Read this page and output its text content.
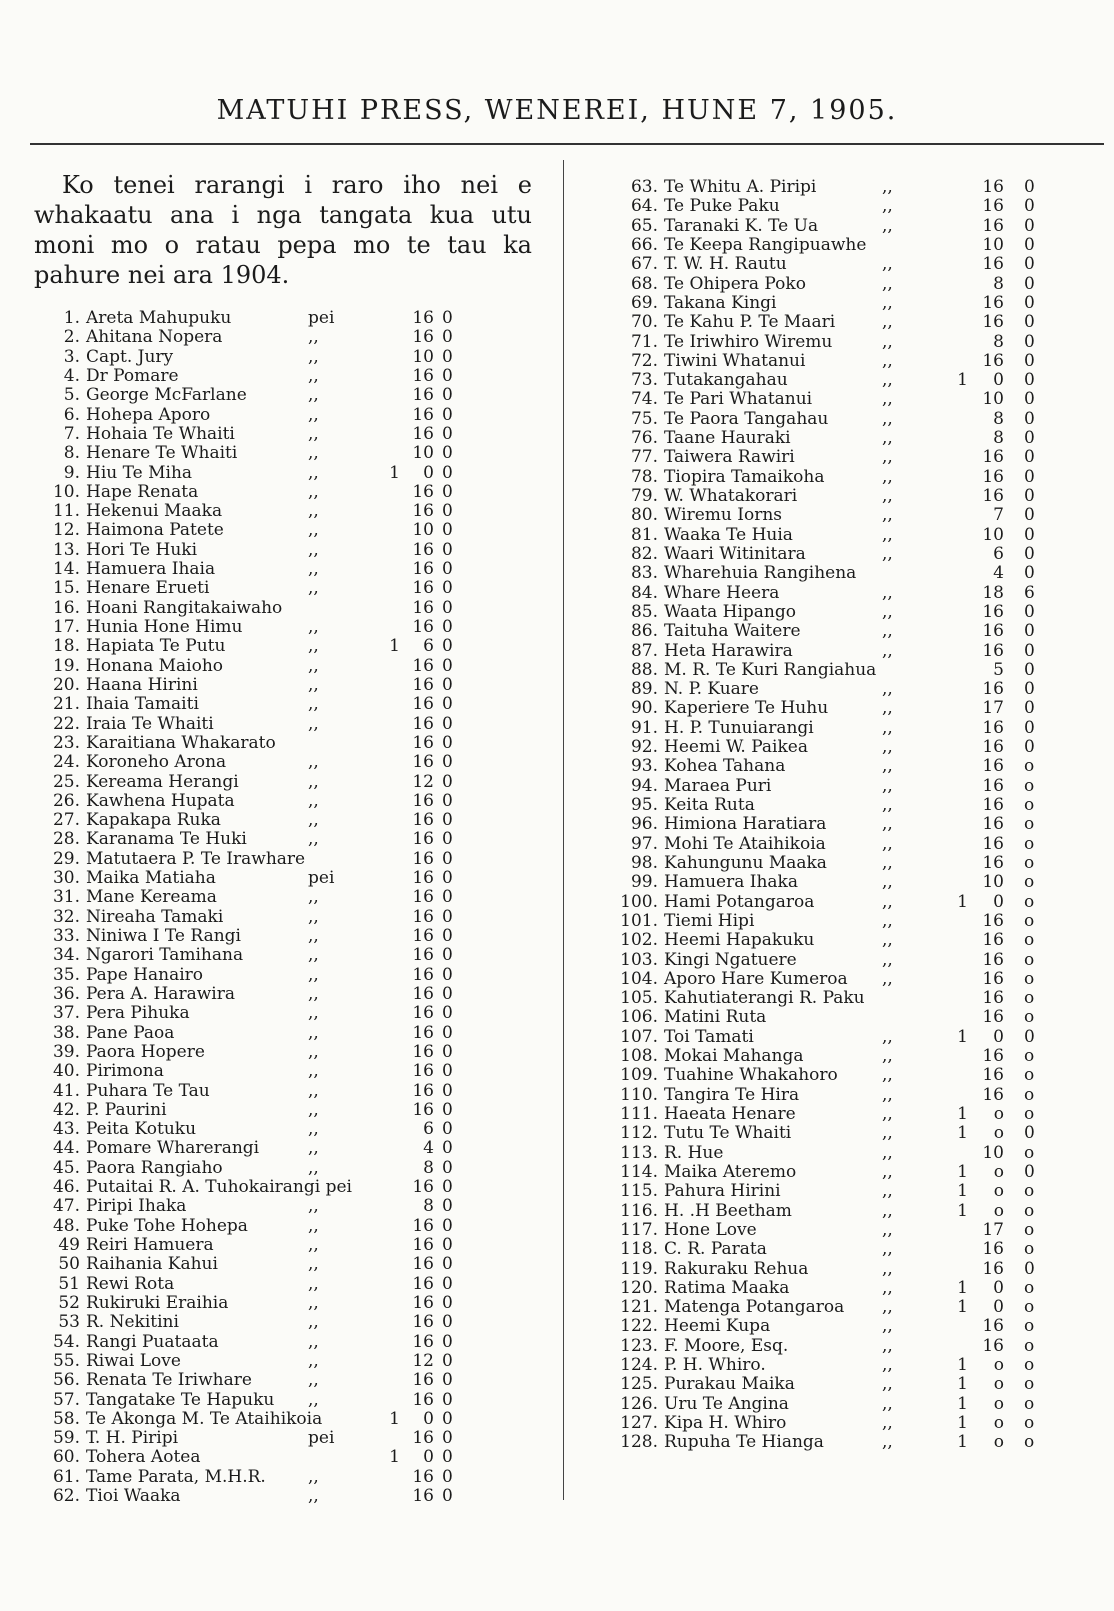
MATUHI PRESS, WENEREI, HUNE 7, 1905.

Ko tenei rarangi i raro iho nei e whakaatu ana i nga tangata kua utu moni mo o ratau pepa mo te tau ka pahure nei ara 1904.

1. Areta Mahupuku	pei	16 0
2. Ahitana Nopera	,,	16 0
3. Capt. Jury	,,	10 0
4. Dr Pomare	,,	16 0
5. George McFarlane	,,	16 0
6. Hohepa Aporo	,,	16 0
7. Hohaia Te Whaiti	,,	16 0
8. Henare Te Whaiti	,,	10 0
9. Hiu Te Miha	,,	1	0 0
10. Hape Renata	,,	16 0
11. Hekenui Maaka	,,	16 0
12. Haimona Patete	,,	10 0
13. Hori Te Huki	,,	16 0
14. Hamuera Ihaia	,,	16 0
15. Henare Erueti	,,	16 0
16. Hoani Rangitakaiwaho	16 0
17. Hunia Hone Himu	,,	16 0
18. Hapiata Te Putu	,,	1	6 0
19. Honana Maioho	,,	16 0
20. Haana Hirini	,,	16 0
21. Ihaia Tamaiti	,,	16 0
22. Iraia Te Whaiti	,,	16 0
23. Karaitiana Whakarato	16 0
24. Koroneho Arona	,,	16 0
25. Kereama Herangi	,,	12 0
26. Kawhena Hupata	,,	16 0
27. Kapakapa Ruka	,,	16 0
28. Karanama Te Huki	,,	16 0
29. Matutaera P. Te Irawhare	16 0
30. Maika Matiaha	pei	16 0
31. Mane Kereama	,,	16 0
32. Nireaha Tamaki	,,	16 0
33. Niniwa I Te Rangi	,,	16 0
34. Ngarori Tamihana	,,	16 0
35. Pape Hanairo	,,	16 0
36. Pera A. Harawira	,,	16 0
37. Pera Pihuka	,,	16 0
38. Pane Paoa	,,	16 0
39. Paora Hopere	,,	16 0
40. Pirimona	,,	16 0
41. Puhara Te Tau	,,	16 0
42. P. Paurini	,,	16 0
43. Peita Kotuku	,,	6 0
44. Pomare Wharerangi	,,	4 0
45. Paora Rangiaho	,,	8 0
46. Putaitai R. A. Tuhokairangi pei	16 0
47. Piripi Ihaka	,,	8 0
48. Puke Tohe Hohepa	,,	16 0
49 Reiri Hamuera	,,	16 0
50 Raihania Kahui	,,	16 0
51 Rewi Rota	,,	16 0
52 Rukiruki Eraihia	,,	16 0
53 R. Nekitini	,,	16 0
54. Rangi Puataata	,,	16 0
55. Riwai Love	,,	12 0
56. Renata Te Iriwhare	,,	16 0
57. Tangatake Te Hapuku ,,	16 0
58. Te Akonga M. Te Ataihikoia	1	0 0
59. T. H. Piripi	pei	16 0
60. Tohera Aotea	1	0 0
61. Tame Parata, M.H.R. ,,	16 0
62. Tioi Waaka	,,	16 0
63. Te Whitu A. Piripi	,,	16 0
64. Te Puke Paku	,,	16 0
65. Taranaki K. Te Ua	,,	16 0
66. Te Keepa Rangipuawhe	10 0
67. T. W. H. Rautu	,,	16 0
68. Te Ohipera Poko	,,	8 0
69. Takana Kingi	,,	16 0
70. Te Kahu P. Te Maari	,,	16 0
71. Te Iriwhiro Wiremu	,,	8 0
72. Tiwini Whatanui	,,	16 0
73. Tutakangahau	,,	1	0 0
74. Te Pari Whatanui	,,	10 0
75. Te Paora Tangahau	,,	8 0
76. Taane Hauraki	,,	8 0
77. Taiwera Rawiri	,,	16 0
78. Tiopira Tamaikoha	,,	16 0
79. W. Whatakorari	,,	16 0
80. Wiremu Iorns	,,	7 0
81. Waaka Te Huia	,,	10 0
82. Waari Witinitara	,,	6 0
83. Wharehuia Rangihena	4 0
84. Whare Heera	,,	18 6
85. Waata Hipango	,,	16 0
86. Taituha Waitere	,,	16 0
87. Heta Harawira	,,	16 0
88. M. R. Te Kuri Rangiahua	5 0
89. N. P. Kuare	,,	16 0
90. Kaperiere Te Huhu	,,	17 0
91. H. P. Tunuiarangi	,,	16 0
92. Heemi W. Paikea	,,	16 0
93. Kohea Tahana	,,	16 o
94. Maraea Puri	,,	16 o
95. Keita Ruta	,,	16 o
96. Himiona Haratiara	,,	16 o
97. Mohi Te Ataihikoia	,,	16 o
98. Kahungunu Maaka	,,	16 o
99. Hamuera Ihaka	,,	10 o
100. Hami Potangaroa	,,	1	0 o
101. Tiemi Hipi	,,	16 o
102. Heemi Hapakuku	,,	16 o
103. Kingi Ngatuere	,,	16 o
104. Aporo Hare Kumeroa ,,	16 o
105. Kahutiaterangi R. Paku	16 o
106. Matini Ruta	16 o
107. Toi Tamati	,,	1	0 0
108. Mokai Mahanga	,,	16 o
109. Tuahine Whakahoro	,,	16 o
110. Tangira Te Hira	,,	16 o
111. Haeata Henare	,,	1	o o
112. Tutu Te Whaiti	,,	1	o 0
113. R. Hue	,,	10 o
114. Maika Ateremo	,,	1	o 0
115. Pahura Hirini	,,	1	o o
116. H. .H Beetham	,,	1	o o
117. Hone Love	,,	17 o
118. C. R. Parata	,,	16 o
119. Rakuraku Rehua	,,	16 0
120. Ratima Maaka	,,	1	0 o
121. Matenga Potangaroa ,,	1	0 o
122. Heemi Kupa	,,	16 o
123. F. Moore, Esq.	,,	16 o
124. P. H. Whiro.	,,	1	o o
125. Purakau Maika	,,	1	o o
126. Uru Te Angina	,,	1	o o
127. Kipa H. Whiro	,,	1	o o
128. Rupuha Te Hianga	,,	1	o o
